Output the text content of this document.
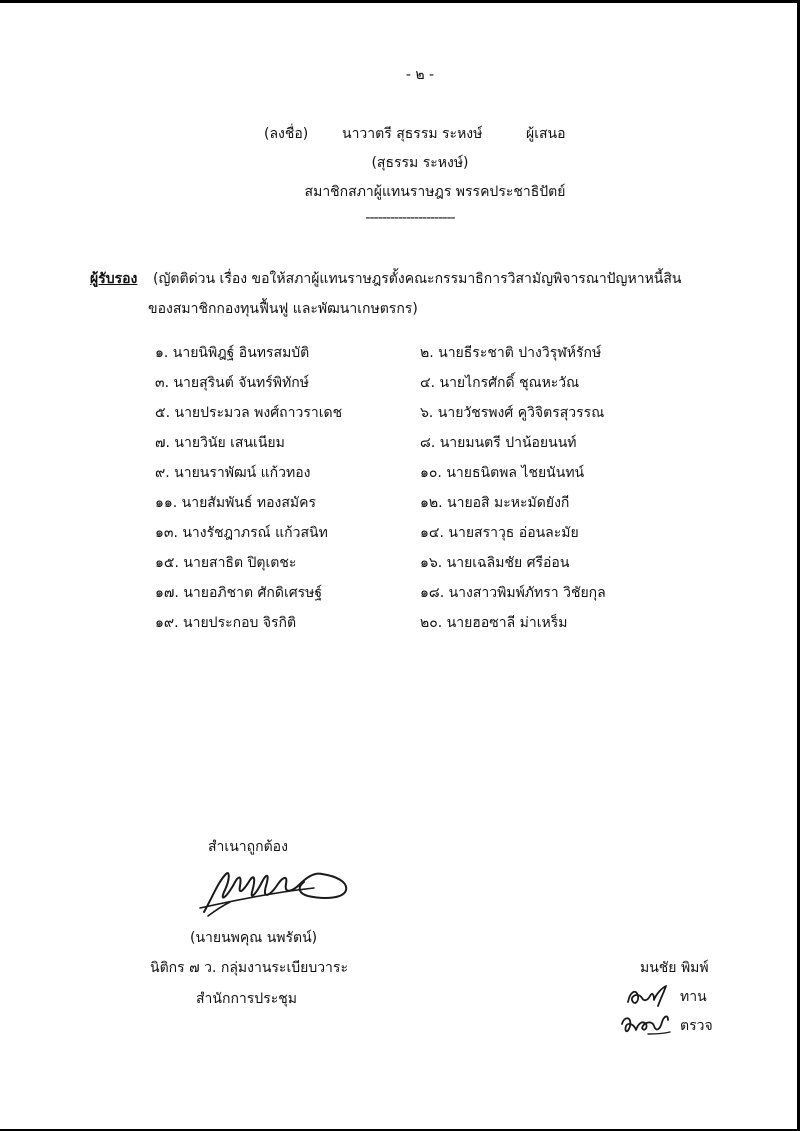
- ๒ -
(ลงชื่อ) นาวาตรี สุธรรม ระหงษ์	ผู้เสนอ
(สุธรรม ระหงษ์)
สมาชิกสภาผู้แทนราษฎร พรรคประชาธิปัตย์
----------------------
ผู้รับรอง (ญัตติด่วน เรื่อง ขอให้สภาผู้แทนราษฎรตั้งคณะกรรมาธิการวิสามัญพิจารณาปัญหาหนี้สิน
ของสมาชิกกองทุนฟื้นฟู และพัฒนาเกษตรกร)
๑. นายนิพิฎฐ์ อินทรสมบัติ
๓. นายสุรินต์ จันทร์พิทักษ์
๕. นายประมวล พงศ์ถาวราเดช
๗. นายวินัย เสนเนียม
๙. นายนราพัฒน์ แก้วทอง
๑๑. นายสัมพันธ์ ทองสมัคร
๑๓. นางรัชฎาภรณ์ แก้วสนิท
๑๕. นายสาธิต ปิตุเตชะ
๑๗. นายอภิชาต ศักดิเศรษฐ์
๑๙. นายประกอบ จิรกิติ
๒. นายธีระชาติ ปางวิรุฬห์รักษ์
๔. นายไกรศักดิ์ ชุณหะวัณ
๖. นายวัชรพงศ์ คูวิจิตรสุวรรณ
๘. นายมนตรี ปาน้อยนนท์
๑๐. นายธนิตพล ไชยนันทน์
๑๒. นายอสิ มะหะมัดยังกี
๑๔. นายสราวุธ อ่อนละมัย
๑๖. นายเฉลิมชัย ศรีอ่อน
๑๘. นางสาวพิมพ์ภัทรา วิชัยกุล
๒๐. นายฮอซาลี ม่าเหร็ม
สำเนาถูกต้อง
(นายนพคุณ นพรัตน์)
นิติกร ๗ ว. กลุ่มงานระเบียบวาระ
สำนักการประชุม
มนชัย พิมพ์
ทาน
ตรวจ
